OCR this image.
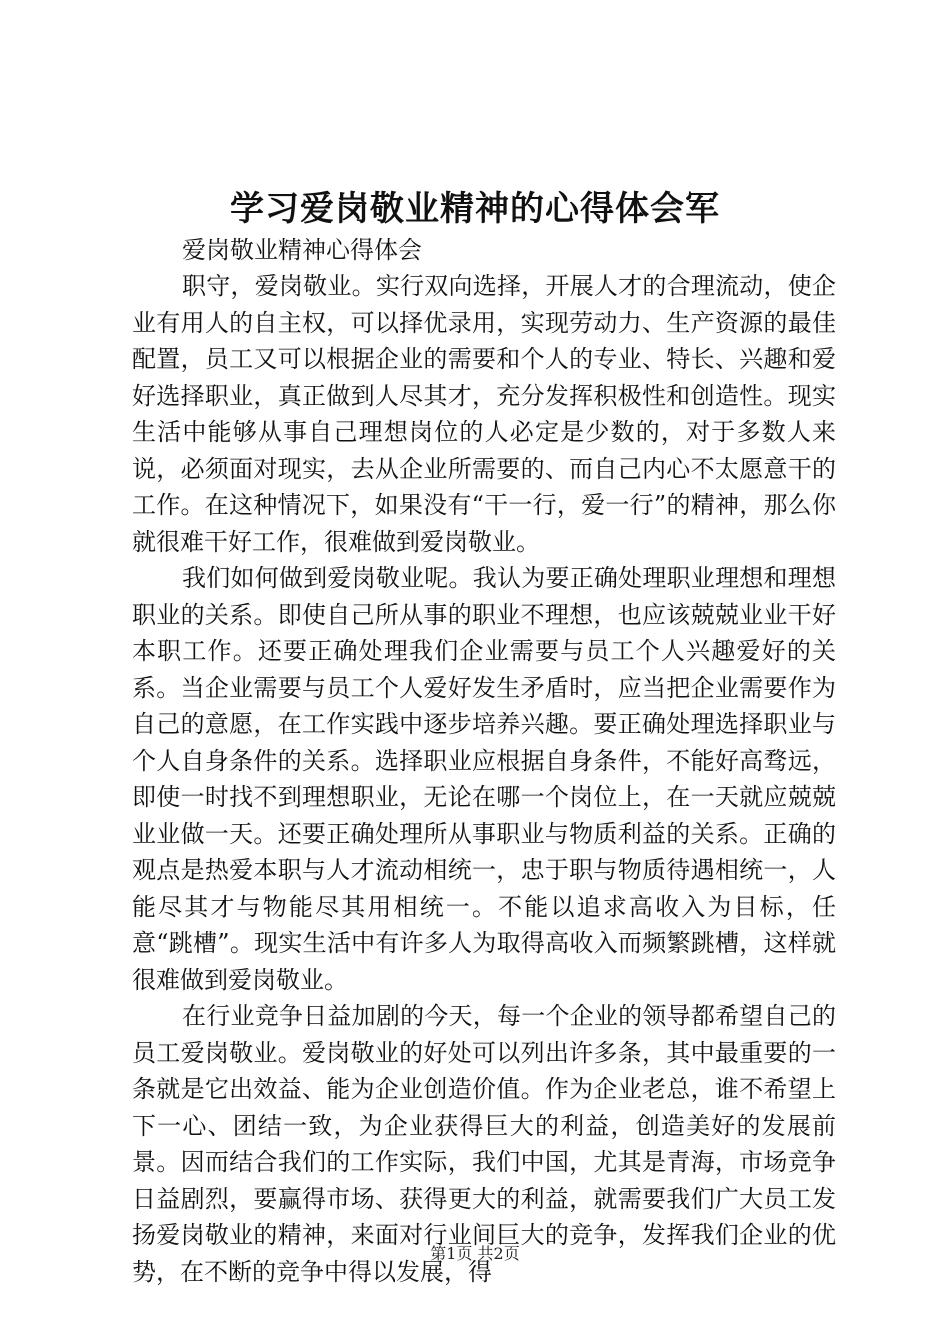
学习爱岗敬业精神的心得体会军

爱岗敬业精神心得体会

职守，爱岗敬业。实行双向选择，开展人才的合理流动，使企业有用人的自主权，可以择优录用，实现劳动力、生产资源的最佳配置，员工又可以根据企业的需要和个人的专业、特长、兴趣和爱好选择职业，真正做到人尽其才，充分发挥积极性和创造性。现实生活中能够从事自己理想岗位的人必定是少数的，对于多数人来说，必须面对现实，去从企业所需要的、而自己内心不太愿意干的工作。在这种情况下，如果没有“干一行，爱一行”的精神，那么你就很难干好工作，很难做到爱岗敬业。

我们如何做到爱岗敬业呢。我认为要正确处理职业理想和理想职业的关系。即使自己所从事的职业不理想，也应该兢兢业业干好本职工作。还要正确处理我们企业需要与员工个人兴趣爱好的关系。当企业需要与员工个人爱好发生矛盾时，应当把企业需要作为自己的意愿，在工作实践中逐步培养兴趣。要正确处理选择职业与个人自身条件的关系。选择职业应根据自身条件，不能好高骛远，即使一时找不到理想职业，无论在哪一个岗位上，在一天就应兢兢业业做一天。还要正确处理所从事职业与物质利益的关系。正确的观点是热爱本职与人才流动相统一，忠于职与物质待遇相统一，人能尽其才与物能尽其用相统一。不能以追求高收入为目标，任意“跳槽”。现实生活中有许多人为取得高收入而频繁跳槽，这样就很难做到爱岗敬业。

在行业竞争日益加剧的今天，每一个企业的领导都希望自己的员工爱岗敬业。爱岗敬业的好处可以列出许多条，其中最重要的一条就是它出效益、能为企业创造价值。作为企业老总，谁不希望上下一心、团结一致，为企业获得巨大的利益，创造美好的发展前景。因而结合我们的工作实际，我们中国，尤其是青海，市场竞争日益剧烈，要赢得市场、获得更大的利益，就需要我们广大员工发扬爱岗敬业的精神，来面对行业间巨大的竞争，发挥我们企业的优势，在不断的竞争中得以发展，得

第1页 共2页
